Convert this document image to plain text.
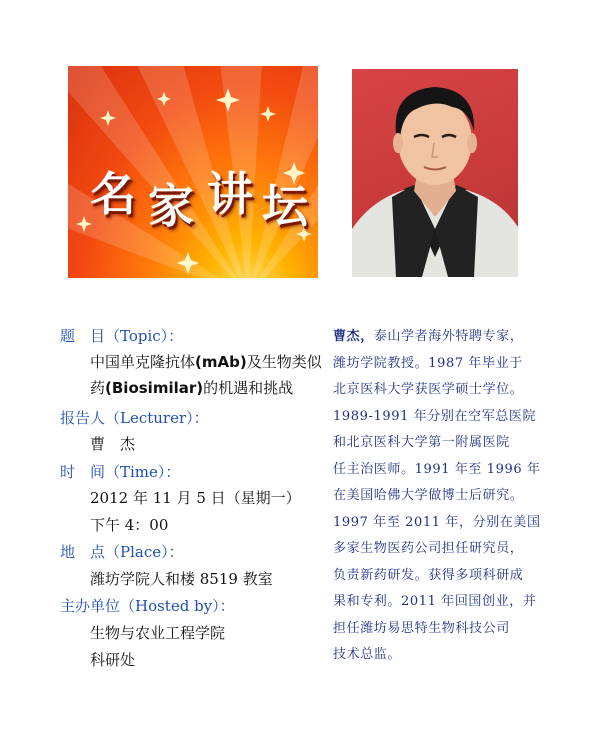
名 家 讲 坛
题　目（Topic）：
中国单克隆抗体(mAb)及生物类似
药(Biosimilar)的机遇和挑战
报告人（Lecturer）：
曹　杰
时　间（Time）：
2012 年 11 月 5 日（星期一）
下午 4：00
地　点（Place）：
潍坊学院人和楼 8519 教室
主办单位（Hosted by）：
生物与农业工程学院
科研处
曹杰，泰山学者海外特聘专家，
潍坊学院教授。1987 年毕业于
北京医科大学获医学硕士学位。
1989-1991 年分别在空军总医院
和北京医科大学第一附属医院
任主治医师。1991 年至 1996 年
在美国哈佛大学做博士后研究。
1997 年至 2011 年，分别在美国
多家生物医药公司担任研究员，
负责新药研发。获得多项科研成
果和专利。2011 年回国创业，并
担任潍坊易思特生物科技公司
技术总监。
